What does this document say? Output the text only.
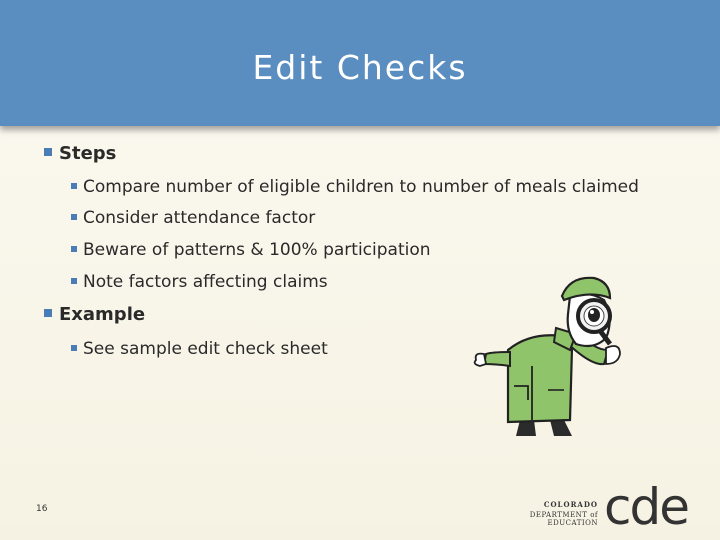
Edit Checks
Steps
Compare number of eligible children to number of meals claimed
Consider attendance factor
Beware of patterns & 100% participation
Note factors affecting claims
Example
See sample edit check sheet
16	COLORADO
DEPARTMENT of EDUCATION cde
